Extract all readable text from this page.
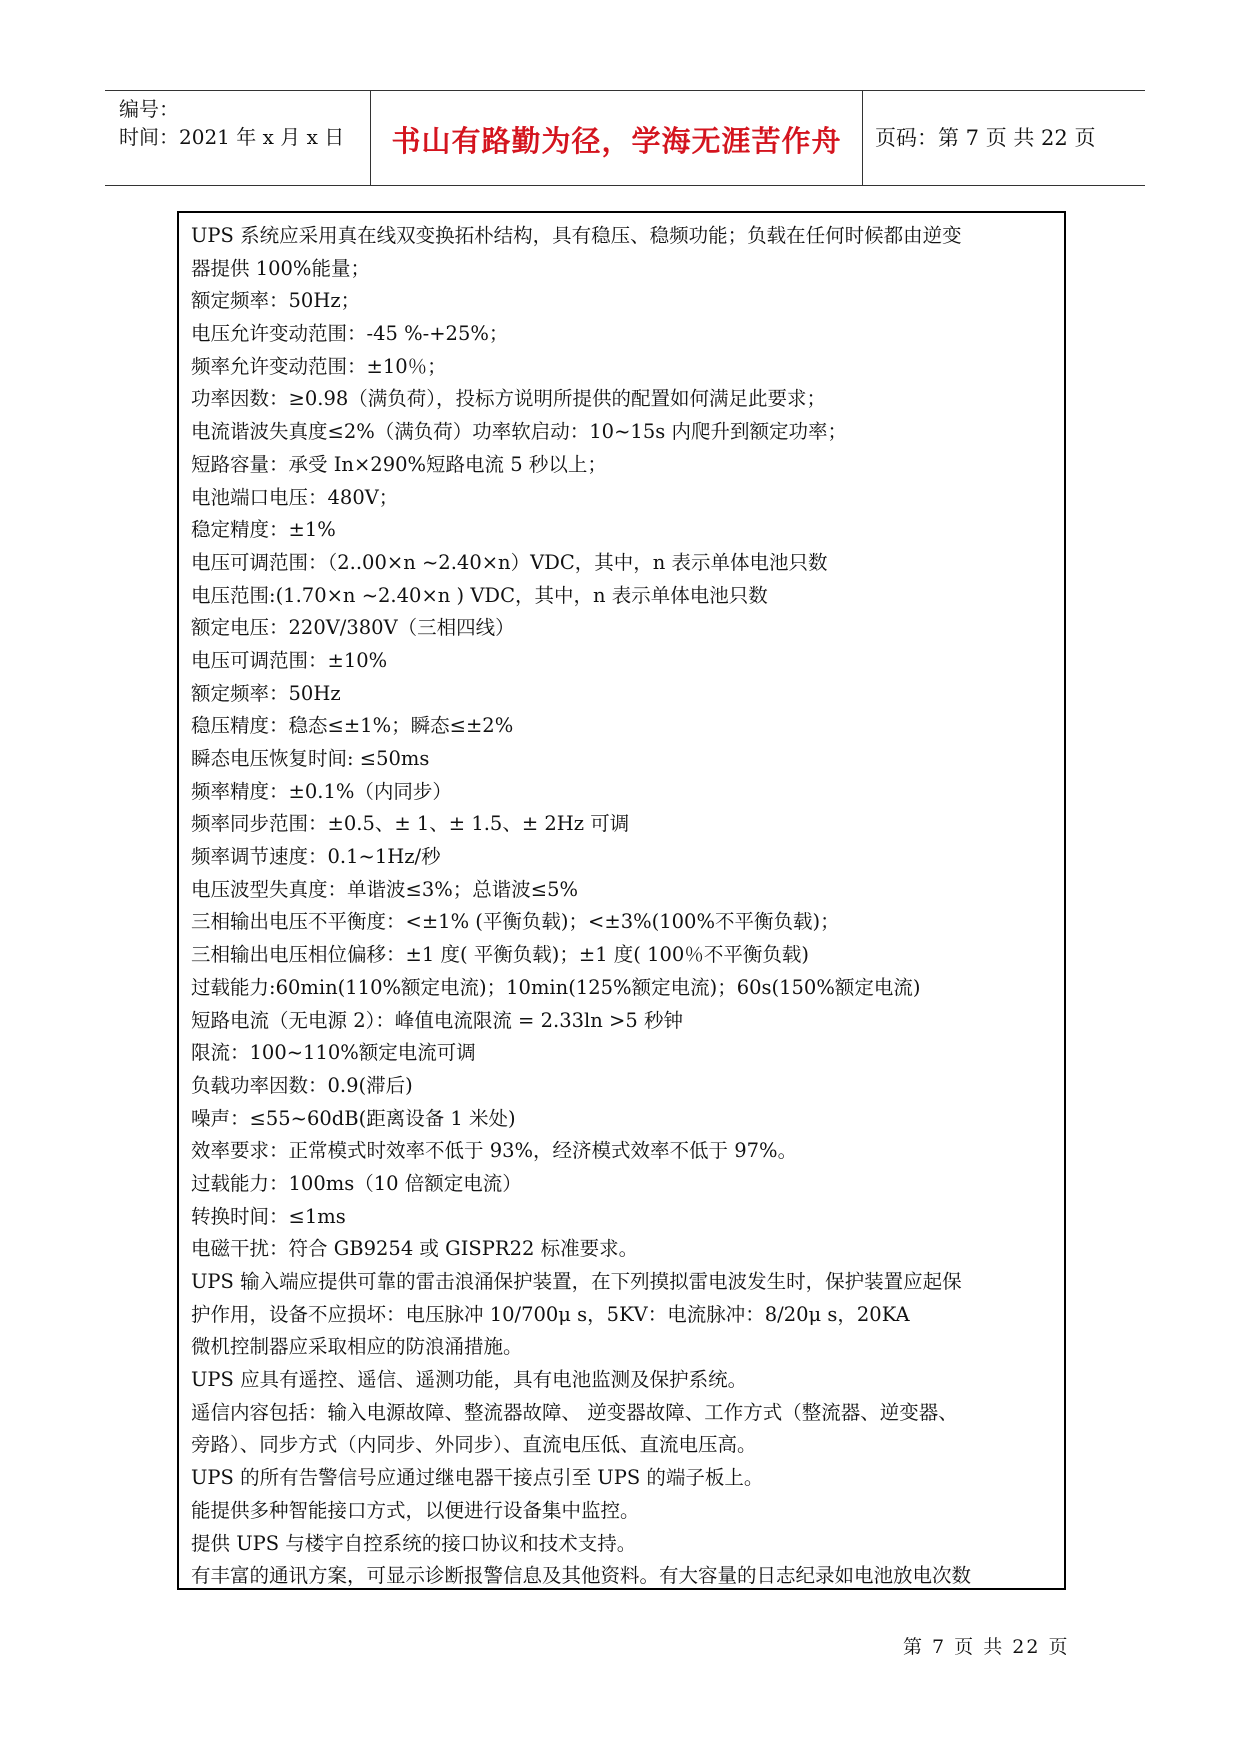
编号：
时间：2021 年 x 月 x 日	书山有路勤为径，学海无涯苦作舟	页码：第 7 页 共 22 页
UPS 系统应采用真在线双变换拓朴结构，具有稳压、稳频功能；负载在任何时候都由逆变
器提供 100%能量；
额定频率：50Hz；
电压允许变动范围：-45 %-+25%；
频率允许变动范围：±10％；
功率因数：≥0.98（满负荷），投标方说明所提供的配置如何满足此要求；
电流谐波失真度≤2%（满负荷）功率软启动：10~15s 内爬升到额定功率；
短路容量：承受 In×290%短路电流 5 秒以上；
电池端口电压：480V；
稳定精度：±1%
电压可调范围：（2..00×n ~2.40×n）VDC，其中，n 表示单体电池只数
电压范围:(1.70×n ~2.40×n ) VDC，其中，n 表示单体电池只数
额定电压：220V/380V（三相四线）
电压可调范围：±10%
额定频率：50Hz
稳压精度：稳态≤±1%；瞬态≤±2%
瞬态电压恢复时间: ≤50ms
频率精度：±0.1%（内同步）
频率同步范围：±0.5、± 1、± 1.5、± 2Hz 可调
频率调节速度：0.1~1Hz/秒
电压波型失真度：单谐波≤3%；总谐波≤5%
三相输出电压不平衡度：<±1% (平衡负载)；<±3%(100%不平衡负载)；
三相输出电压相位偏移：±1 度( 平衡负载)；±1 度( 100％不平衡负载)
过载能力:60min(110%额定电流)；10min(125%额定电流)；60s(150%额定电流)
短路电流（无电源 2）：峰值电流限流 = 2.33ln >5 秒钟
限流：100~110%额定电流可调
负载功率因数：0.9(滞后)
噪声：≤55~60dB(距离设备 1 米处)
效率要求：正常模式时效率不低于 93%，经济模式效率不低于 97%。
过载能力：100ms（10 倍额定电流）
转换时间：≤1ms
电磁干扰：符合 GB9254 或 GISPR22 标准要求。
UPS 输入端应提供可靠的雷击浪涌保护装置，在下列摸拟雷电波发生时，保护装置应起保
护作用，设备不应损坏：电压脉冲 10/700μ s，5KV：电流脉冲：8/20μ s，20KA
微机控制器应采取相应的防浪涌措施。
UPS 应具有遥控、遥信、遥测功能，具有电池监测及保护系统。
遥信内容包括：输入电源故障、整流器故障、 逆变器故障、工作方式（整流器、逆变器、
旁路）、同步方式（内同步、外同步）、直流电压低、直流电压高。
UPS 的所有告警信号应通过继电器干接点引至 UPS 的端子板上。
能提供多种智能接口方式，以便进行设备集中监控。
提供 UPS 与楼宇自控系统的接口协议和技术支持。
有丰富的通讯方案，可显示诊断报警信息及其他资料。有大容量的日志纪录如电池放电次数
第 7 页 共 22 页
